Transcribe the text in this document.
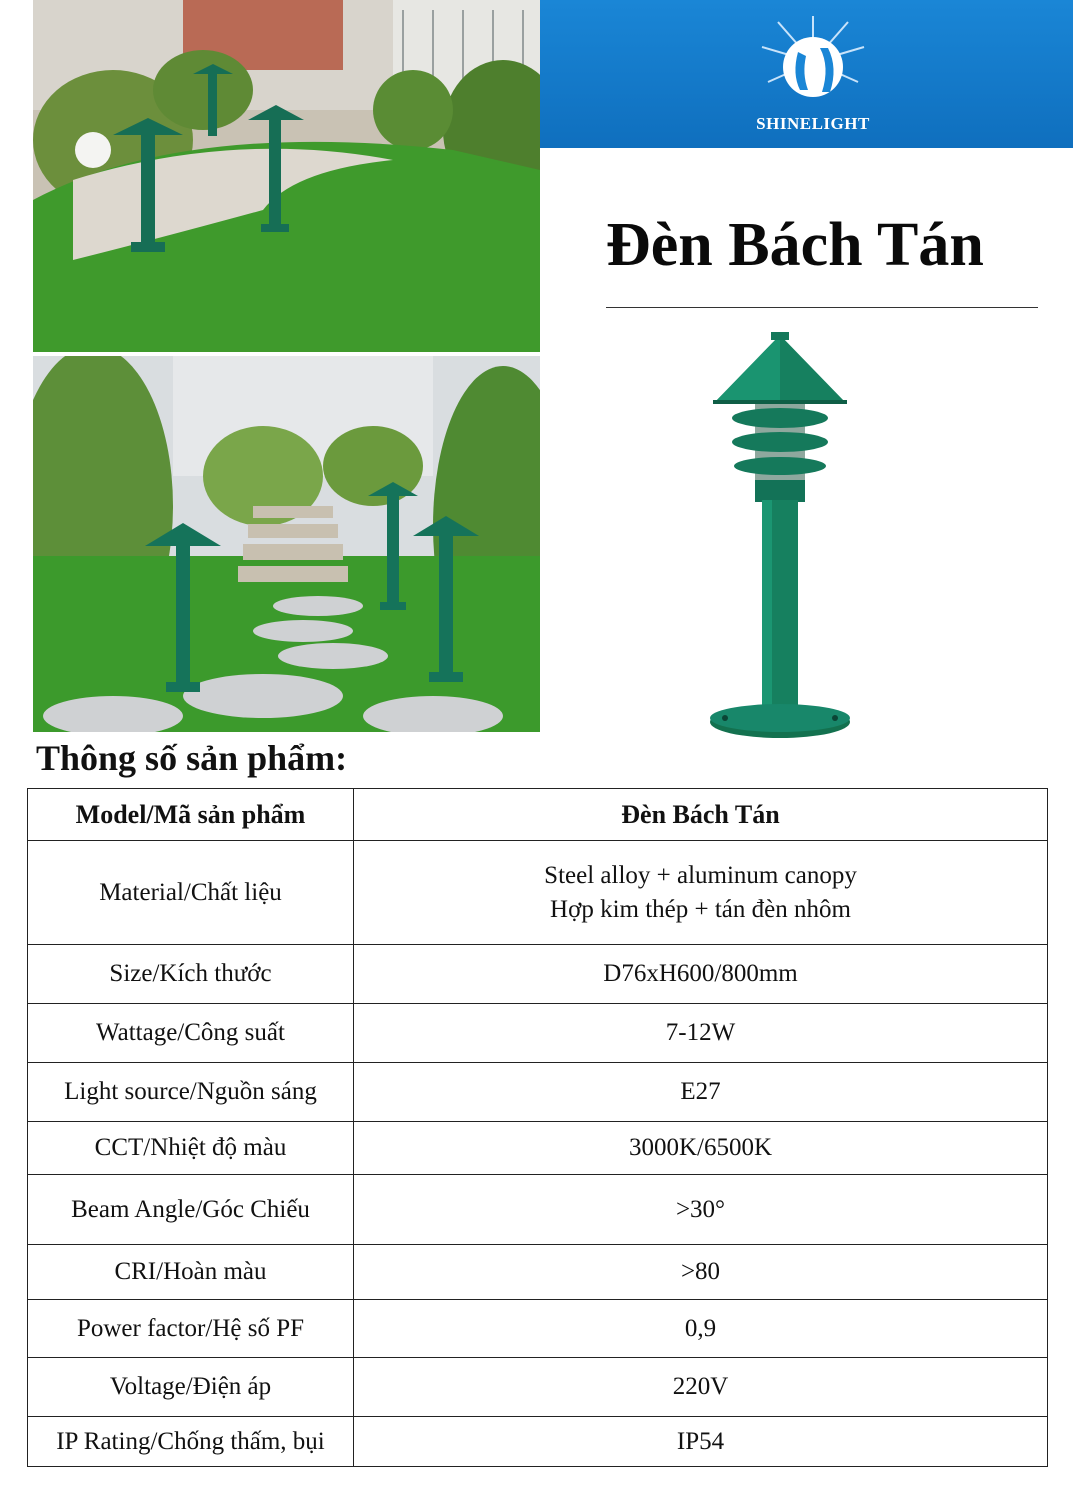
SHINELIGHT
Đèn Bách Tán
Thông số sản phẩm:
Model/Mã sản phẩm	Đèn Bách Tán
Material/Chất liệu	Steel alloy + aluminum canopy
Hợp kim thép + tán đèn nhôm

Size/Kích thước	D76xH600/800mm
Wattage/Công suất	7-12W
Light source/Nguồn sáng	E27
CCT/Nhiệt độ màu	3000K/6500K
Beam Angle/Góc Chiếu	>30°
CRI/Hoàn màu	>80
Power factor/Hệ số PF	0,9
Voltage/Điện áp	220V
IP Rating/Chống thấm, bụi	IP54
